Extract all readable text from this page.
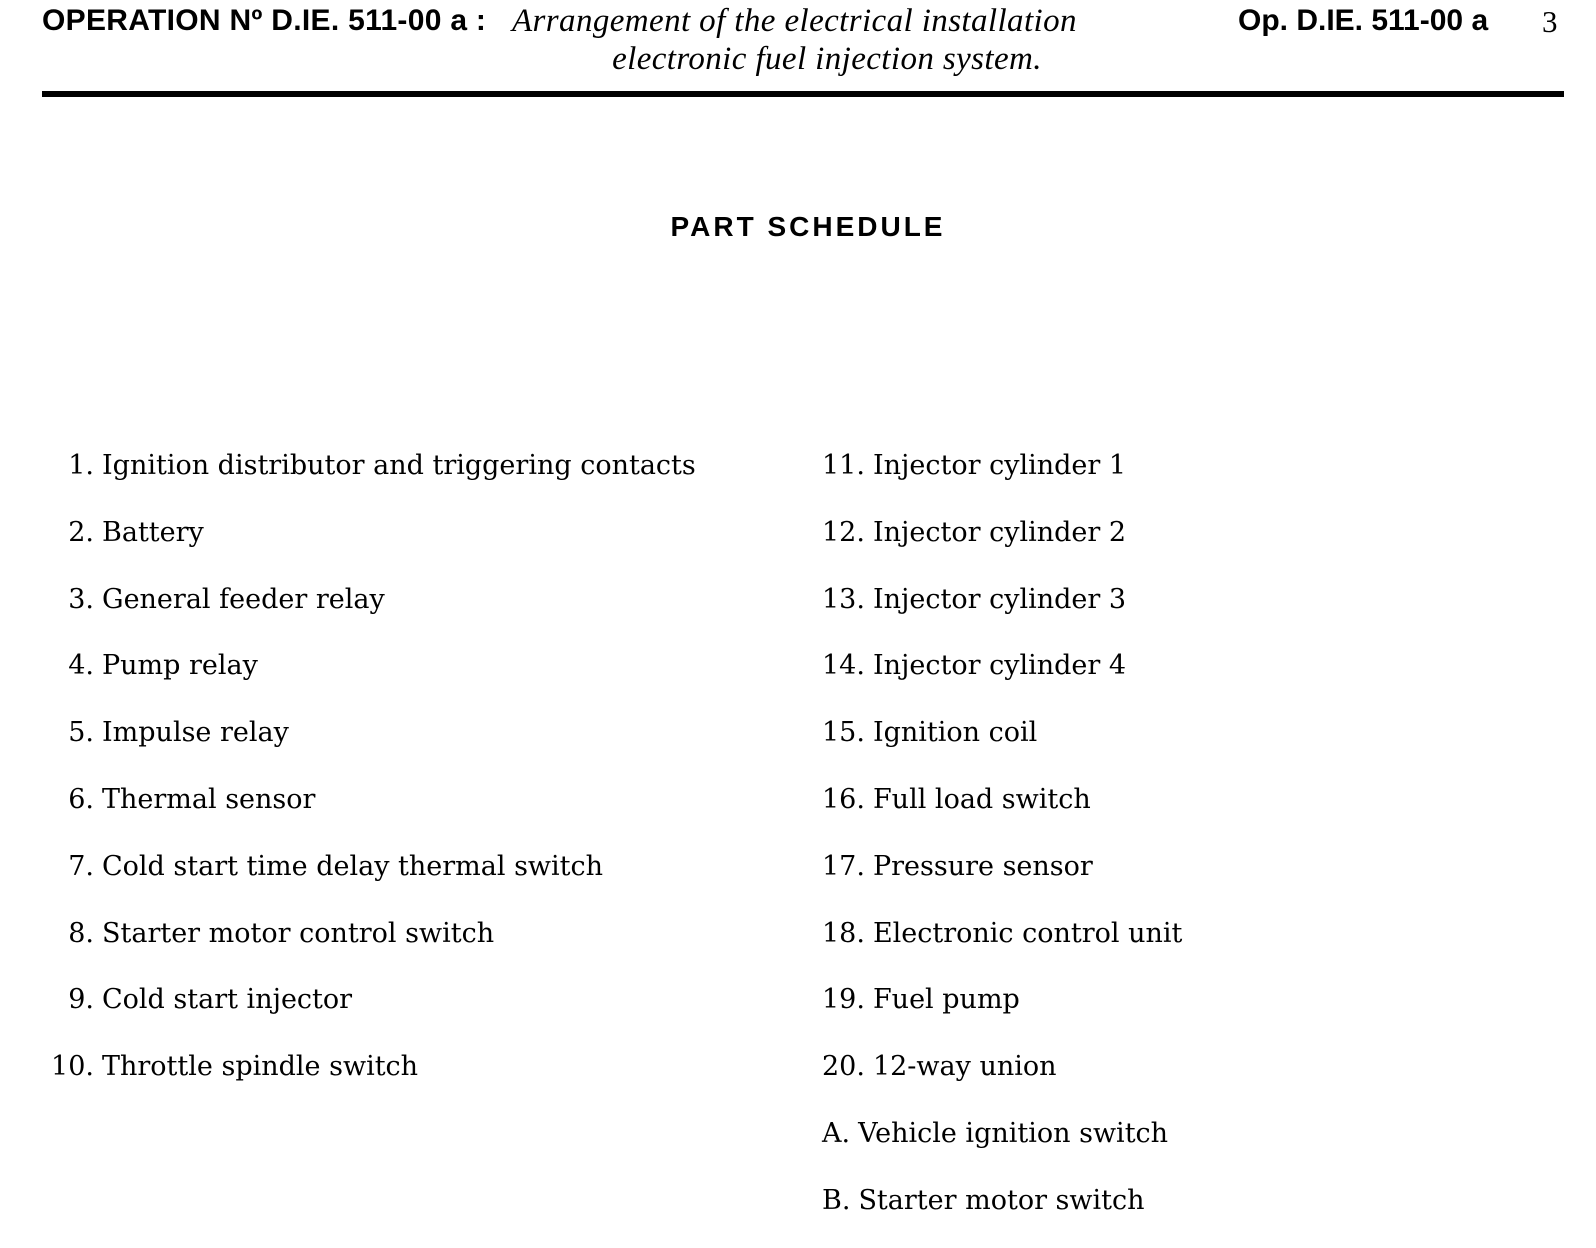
OPERATION Nº D.IE. 511-00 a : Arrangement of the electrical installation
electronic fuel injection system.
Op. D.IE. 511-00 a 3
PART SCHEDULE
1. Ignition distributor and triggering contacts
2. Battery
3. General feeder relay
4. Pump relay
5. Impulse relay
6. Thermal sensor
7. Cold start time delay thermal switch
8. Starter motor control switch
9. Cold start injector
10. Throttle spindle switch
11. Injector cylinder 1
12. Injector cylinder 2
13. Injector cylinder 3
14. Injector cylinder 4
15. Ignition coil
16. Full load switch
17. Pressure sensor
18. Electronic control unit
19. Fuel pump
20. 12-way union
A. Vehicle ignition switch
B. Starter motor switch
